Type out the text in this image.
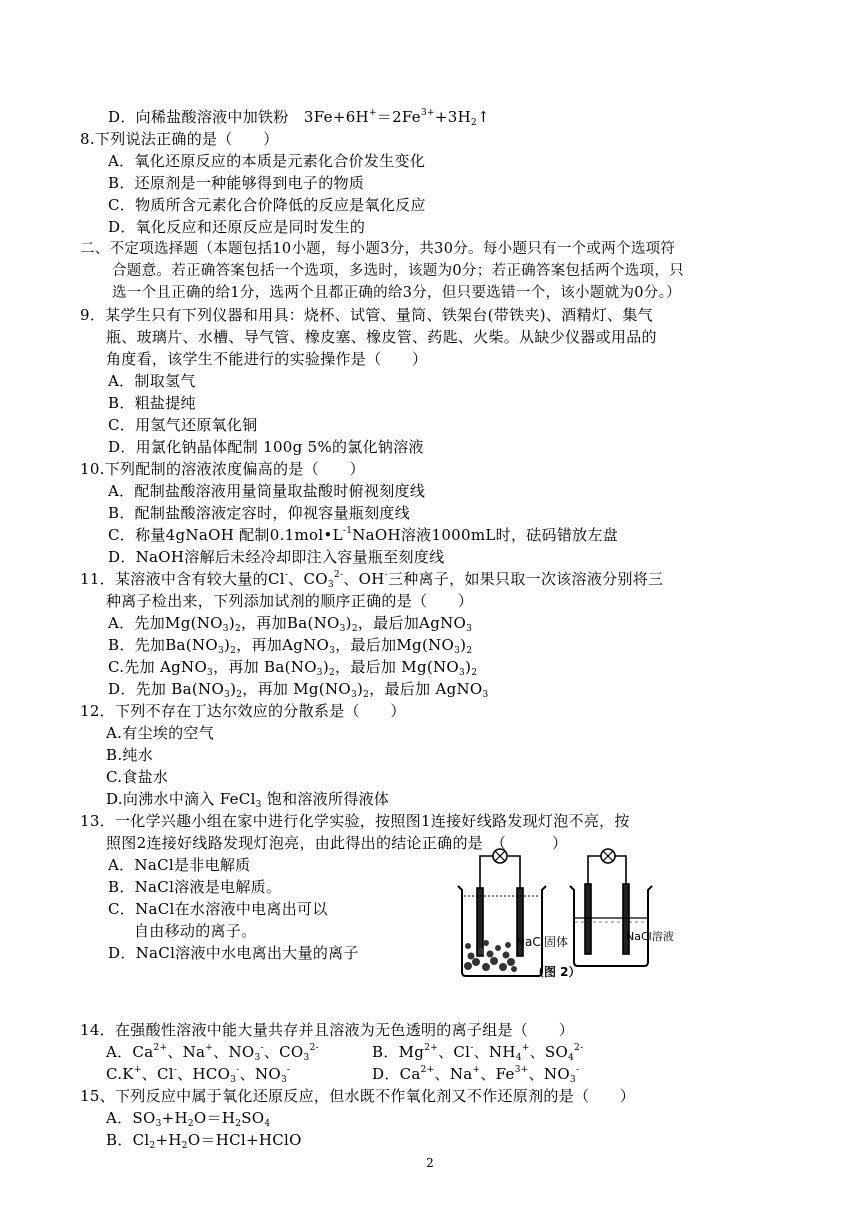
D．向稀盐酸溶液中加铁粉　$3Fe+6H^+=2Fe^{3+}+3H_2↑$
8.下列说法正确的是（　　）
A．氧化还原反应的本质是元素化合价发生变化
B．还原剂是一种能够得到电子的物质
C．物质所含元素化合价降低的反应是氧化反应
D．氧化反应和还原反应是同时发生的
二、不定项选择题（本题包括10小题，每小题3分，共30分。每小题只有一个或两个选项符
合题意。若正确答案包括一个选项，多选时，该题为0分；若正确答案包括两个选项，只
选一个且正确的给1分，选两个且都正确的给3分，但只要选错一个，该小题就为0分。）
9．某学生只有下列仪器和用具：烧杯、试管、量筒、铁架台(带铁夹)、酒精灯、集气
瓶、玻璃片、水槽、导气管、橡皮塞、橡皮管、药匙、火柴。从缺少仪器或用品的
角度看，该学生不能进行的实验操作是（　　）
A．制取氢气
B．粗盐提纯
C．用氢气还原氧化铜
D．用氯化钠晶体配制 100g 5%的氯化钠溶液
10.下列配制的溶液浓度偏高的是（　　）
A．配制盐酸溶液用量筒量取盐酸时俯视刻度线
B．配制盐酸溶液定容时，仰视容量瓶刻度线
C．称量4gNaOH 配制$0.1mol•L^{-1}NaOH$溶液1000mL时，砝码错放左盘
D．NaOH溶解后未经冷却即注入容量瓶至刻度线
11．某溶液中含有较大量的Cl-、$CO_3^{2-}$、OH-三种离子，如果只取一次该溶液分别将三
种离子检出来，下列添加试剂的顺序正确的是（　　）
A．先加$Mg(NO_3)_2$，再加$Ba(NO_3)_2$，最后加AgNO$_3$
B．先加$Ba(NO_3)_2$，再加AgNO$_3$，最后加$Mg(NO_3)_2$
C.先加 AgNO$_3$，再加 $Ba(NO_3)_2$，最后加 $Mg(NO_3)_2$
D．先加 $Ba(NO_3)_2$，再加 $Mg(NO_3)_2$，最后加 AgNO$_3$
12．下列不存在丁达尔效应的分散系是（　　）
A.有尘埃的空气
B.纯水
C.食盐水
D.向沸水中滴入 FeCl$_3$ 饱和溶液所得液体
13．一化学兴趣小组在家中进行化学实验，按照图1连接好线路发现灯泡不亮，按
照图2连接好线路发现灯泡亮，由此得出的结论正确的是　（　　　）
A．NaCl是非电解质
B．NaCl溶液是电解质。
C．NaCl在水溶液中电离出可以
自由移动的离子。
D．NaCl溶液中水电离出大量的离子
NaCl固体	NaCl溶液
（图 2）
14．在强酸性溶液中能大量共存并且溶液为无色透明的离子组是（　　）
A．$Ca^{2+}$、Na+、$NO_3^-$、$CO_3^{2-}$	B．$Mg^{2+}$、Cl-、$NH_4^+$、$SO_4^{2-}$
C.K+、Cl-、$HCO_3^-$、$NO_3^-$	D．$Ca^{2+}$、Na+、$Fe^{3+}$、$NO_3^-$
15、下列反应中属于氧化还原反应，但水既不作氧化剂又不作还原剂的是（　　）
A．$SO_3+H_2O=H_2SO_4$
B．$Cl_2+H_2O=HCl+HClO$
2
